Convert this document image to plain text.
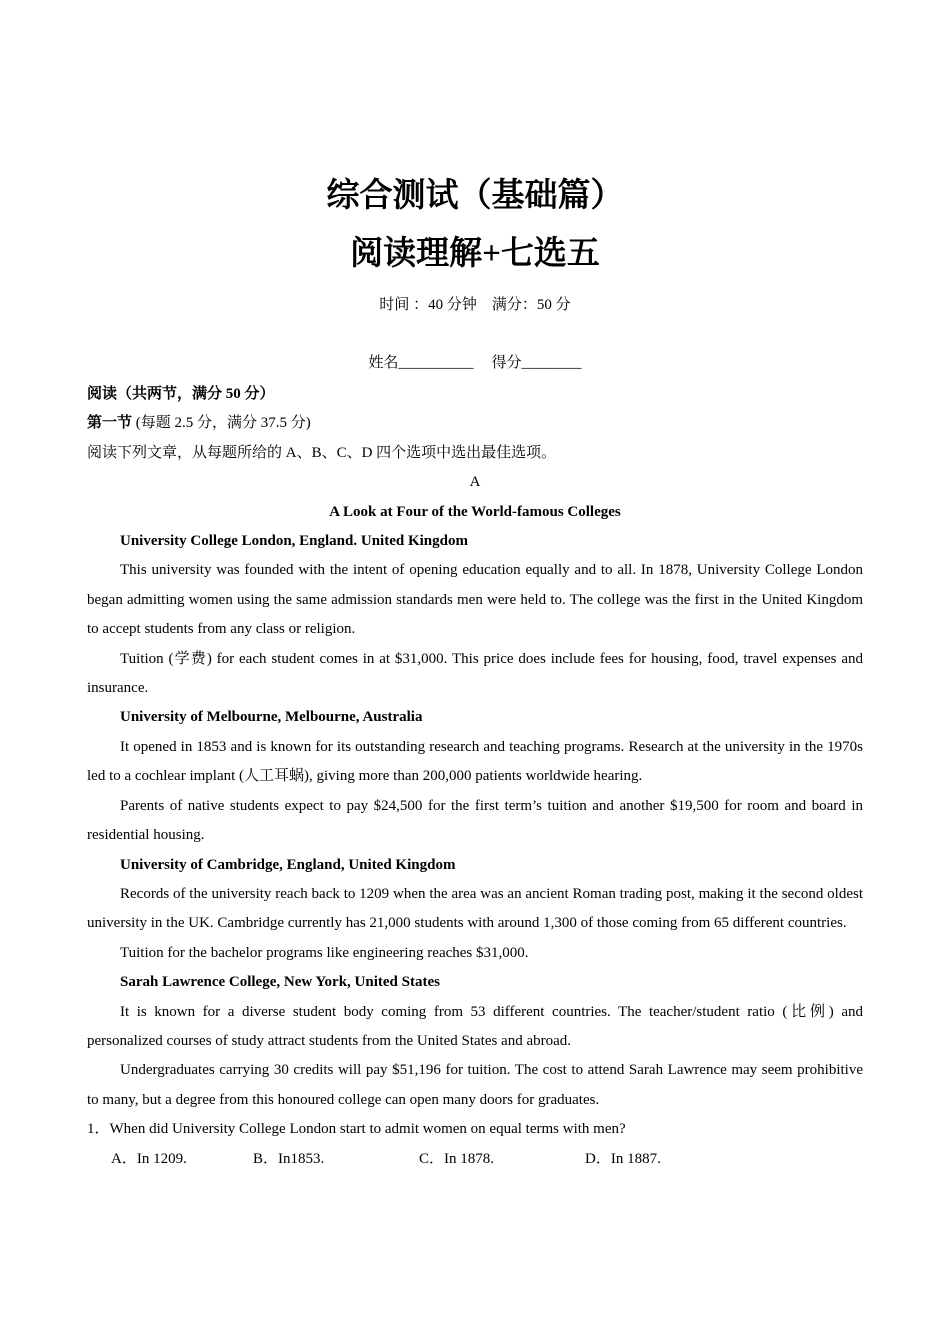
综合测试（基础篇）
阅读理解+七选五
时间 ：40 分钟    满分：50 分
姓名__________ 得分________

阅读（共两节，满分 50 分）

第一节 (每题 2.5 分，满分 37.5 分)

阅读下列文章，从每题所给的 A、B、C、D 四个选项中选出最佳选项。

A

A Look at Four of the World-famous Colleges

University College London, England. United Kingdom

This university was founded with the intent of opening education equally and to all. In 1878, University College London began admitting women using the same admission standards men were held to. The college was the first in the United Kingdom to accept students from any class or religion.

Tuition (学费) for each student comes in at $31,000. This price does include fees for housing, food, travel expenses and insurance.

University of Melbourne, Melbourne, Australia

It opened in 1853 and is known for its outstanding research and teaching programs. Research at the university in the 1970s led to a cochlear implant (人工耳蜗), giving more than 200,000 patients worldwide hearing.

Parents of native students expect to pay $24,500 for the first term’s tuition and another $19,500 for room and board in residential housing.

University of Cambridge, England, United Kingdom

Records of the university reach back to 1209 when the area was an ancient Roman trading post, making it the second oldest university in the UK. Cambridge currently has 21,000 students with around 1,300 of those coming from 65 different countries.

Tuition for the bachelor programs like engineering reaches $31,000.

Sarah Lawrence College, New York, United States

It is known for a diverse student body coming from 53 different countries. The teacher/student ratio (比例) and personalized courses of study attract students from the United States and abroad.

Undergraduates carrying 30 credits will pay $51,196 for tuition. The cost to attend Sarah Lawrence may seem prohibitive to many, but a degree from this honoured college can open many doors for graduates.

1．When did University College London start to admit women on equal terms with men?

A．In 1209.	B．In1853.	C．In 1878.	D．In 1887.
